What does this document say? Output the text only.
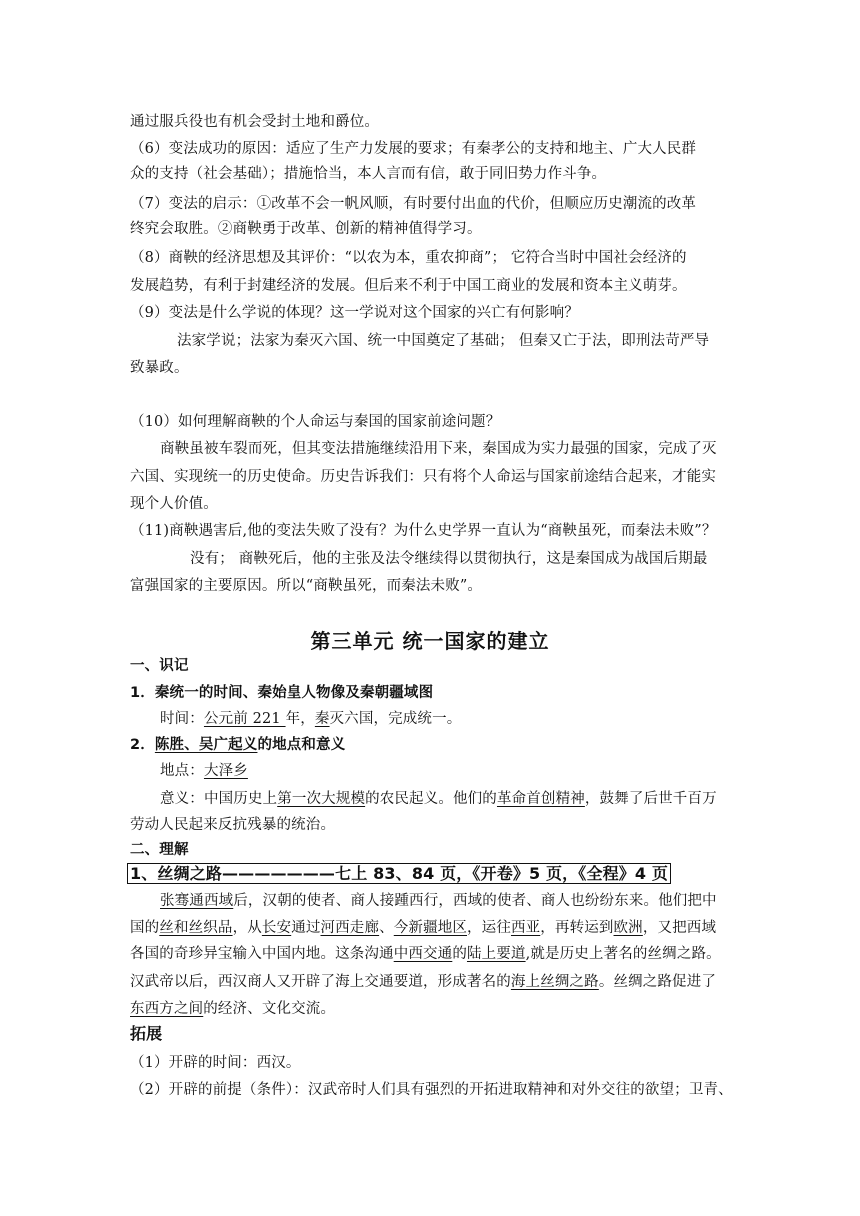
通过服兵役也有机会受封土地和爵位。
（6）变法成功的原因：适应了生产力发展的要求；有秦孝公的支持和地主、广大人民群
众的支持（社会基础）；措施恰当，本人言而有信，敢于同旧势力作斗争。
（7）变法的启示：①改革不会一帆风顺，有时要付出血的代价，但顺应历史潮流的改革
终究会取胜。②商鞅勇于改革、创新的精神值得学习。
（8）商鞅的经济思想及其评价：“以农为本，重农抑商”； 它符合当时中国社会经济的
发展趋势，有利于封建经济的发展。但后来不利于中国工商业的发展和资本主义萌芽。
（9）变法是什么学说的体现？这一学说对这个国家的兴亡有何影响？
法家学说；法家为秦灭六国、统一中国奠定了基础； 但秦又亡于法，即刑法苛严导
致暴政。
（10）如何理解商鞅的个人命运与秦国的国家前途问题？
商鞅虽被车裂而死，但其变法措施继续沿用下来，秦国成为实力最强的国家，完成了灭
六国、实现统一的历史使命。历史告诉我们：只有将个人命运与国家前途结合起来，才能实
现个人价值。
（11)商鞅遇害后,他的变法失败了没有？为什么史学界一直认为“商鞅虽死，而秦法未败”？
没有； 商鞅死后，他的主张及法令继续得以贯彻执行，这是秦国成为战国后期最
富强国家的主要原因。所以“商鞅虽死，而秦法未败”。
第三单元 统一国家的建立
一、识记
1．秦统一的时间、秦始皇人物像及秦朝疆域图
时间：公元前 221 年，秦灭六国，完成统一。
2．陈胜、吴广起义的地点和意义
地点：大泽乡
意义：中国历史上第一次大规模的农民起义。他们的革命首创精神，鼓舞了后世千百万
劳动人民起来反抗残暴的统治。
二、理解
1、丝绸之路———————七上 83、84 页，《开卷》5 页，《全程》4 页
张骞通西域后，汉朝的使者、商人接踵西行，西域的使者、商人也纷纷东来。他们把中
国的丝和丝织品，从长安通过河西走廊、今新疆地区，运往西亚，再转运到欧洲，又把西域
各国的奇珍异宝输入中国内地。这条沟通中西交通的陆上要道,就是历史上著名的丝绸之路。
汉武帝以后，西汉商人又开辟了海上交通要道，形成著名的海上丝绸之路。丝绸之路促进了
东西方之间的经济、文化交流。
拓展
（1）开辟的时间：西汉。
（2）开辟的前提（条件）：汉武帝时人们具有强烈的开拓进取精神和对外交往的欲望；卫青、
